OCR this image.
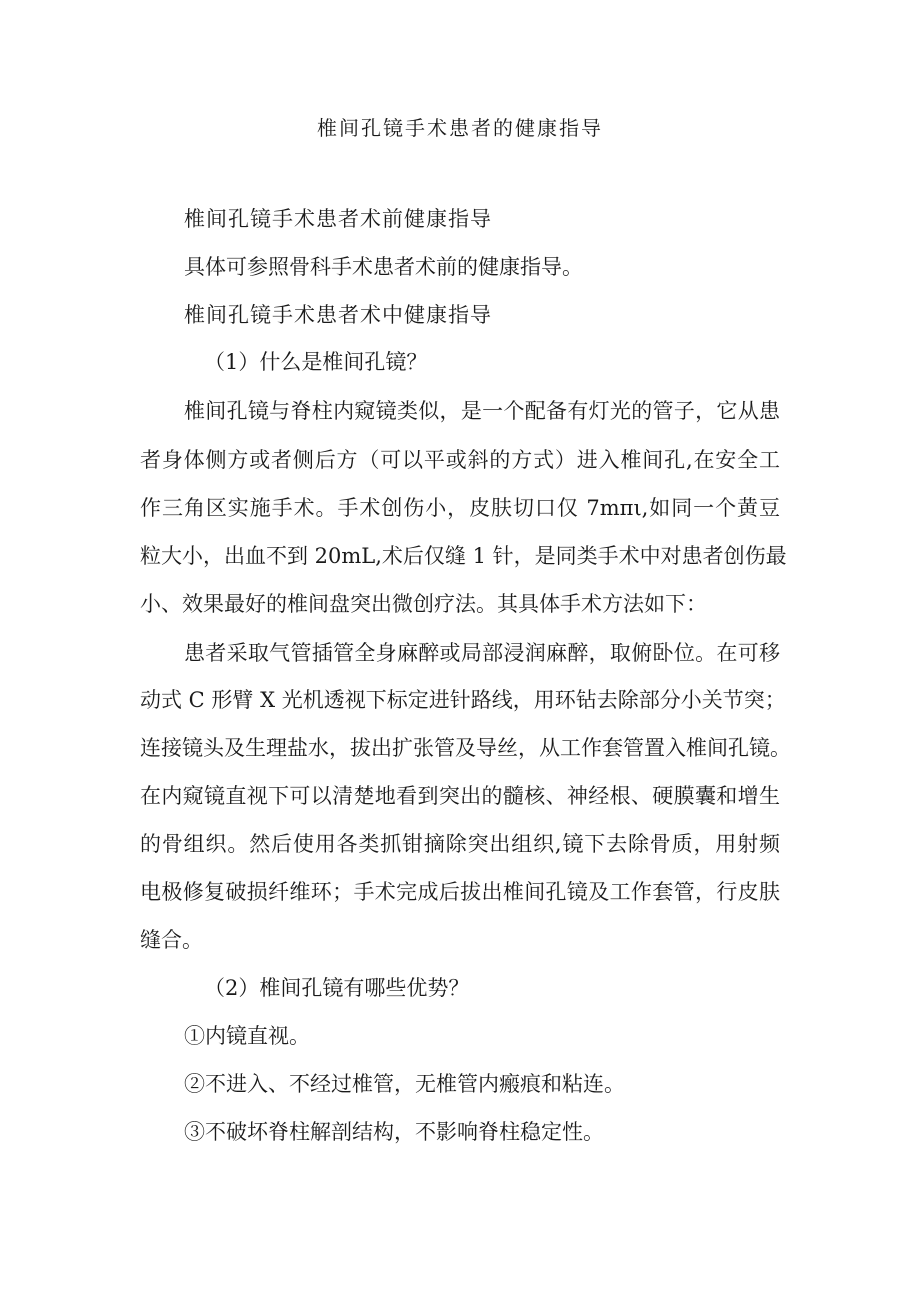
椎间孔镜手术患者的健康指导
椎间孔镜手术患者术前健康指导
具体可参照骨科手术患者术前的健康指导。
椎间孔镜手术患者术中健康指导
（1）什么是椎间孔镜？
椎间孔镜与脊柱内窥镜类似，是一个配备有灯光的管子，它从患
者身体侧方或者侧后方（可以平或斜的方式）进入椎间孔,在安全工
作三角区实施手术。手术创伤小，皮肤切口仅 7mπι,如同一个黄豆
粒大小，出血不到 20mL,术后仅缝 1 针，是同类手术中对患者创伤最
小、效果最好的椎间盘突出微创疗法。其具体手术方法如下：
患者采取气管插管全身麻醉或局部浸润麻醉，取俯卧位。在可移
动式 C 形臂 X 光机透视下标定进针路线，用环钻去除部分小关节突；
连接镜头及生理盐水，拔出扩张管及导丝，从工作套管置入椎间孔镜。
在内窥镜直视下可以清楚地看到突出的髓核、神经根、硬膜囊和增生
的骨组织。然后使用各类抓钳摘除突出组织,镜下去除骨质，用射频
电极修复破损纤维环；手术完成后拔出椎间孔镜及工作套管，行皮肤
缝合。
（2）椎间孔镜有哪些优势？
①内镜直视。
②不进入、不经过椎管，无椎管内瘢痕和粘连。
③不破坏脊柱解剖结构，不影响脊柱稳定性。
